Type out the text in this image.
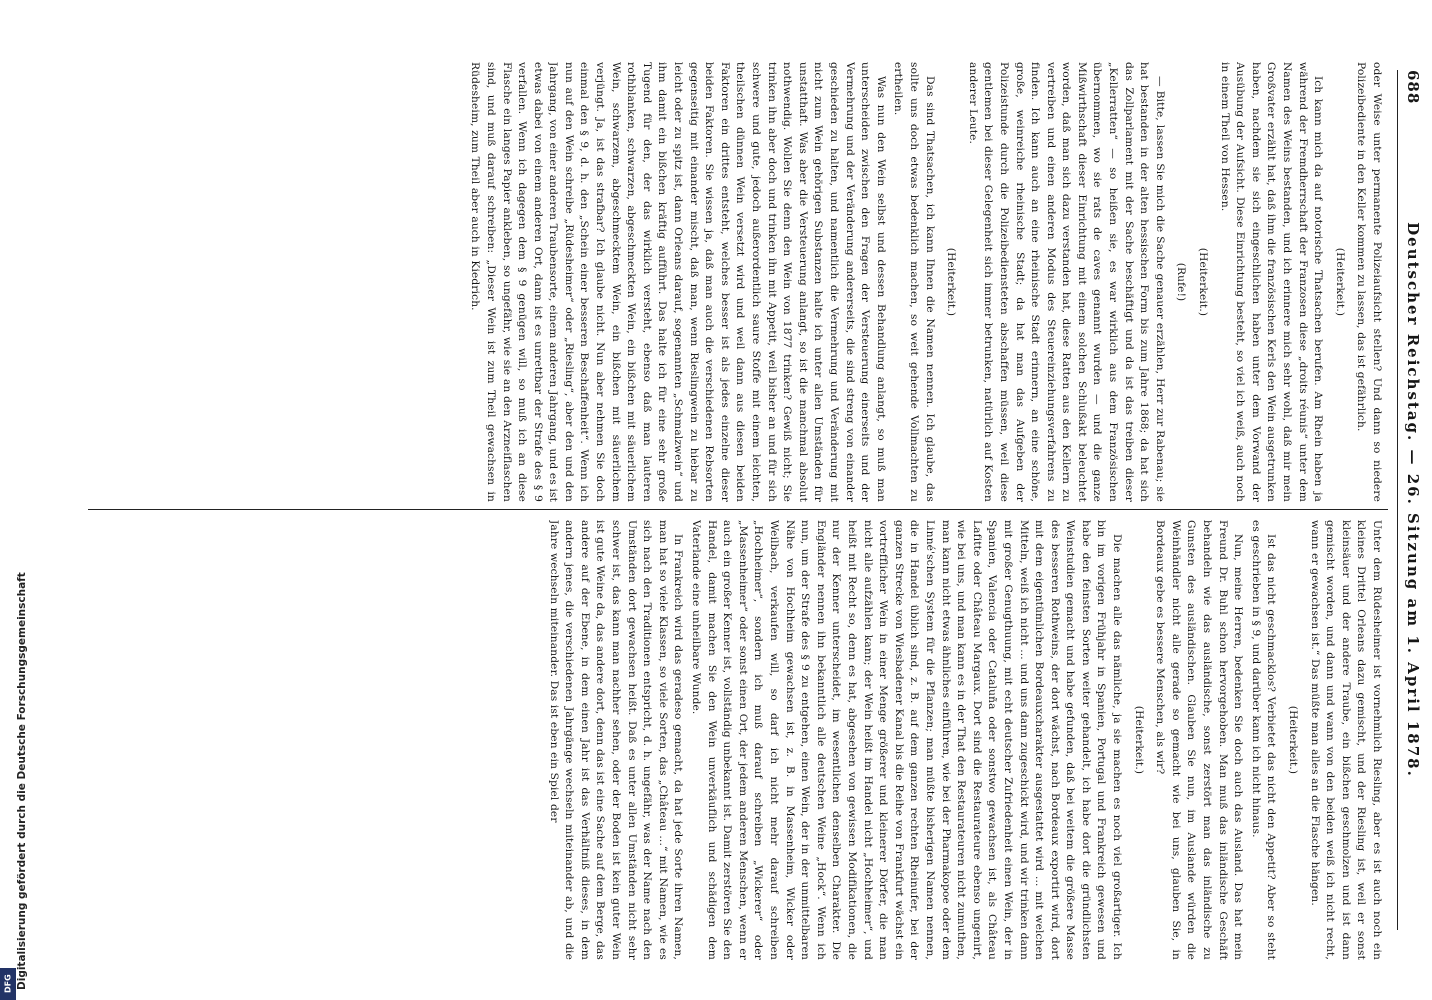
688
Deutscher Reichstag. — 26. Sitzung am 1. April 1878.

oder Weise unter permanente Polizeiaufsicht stellen? Und dann so niedere Polizeibediente in den Keller kommen zu lassen, das ist gefährlich.

(Heiterkeit.)

Ich kann mich da auf notorische Thatsachen berufen. Am Rhein haben ja während der Fremdherrschaft der Franzosen diese „droits réunis“ unter dem Namen des Weins bestanden, und ich erinnere mich sehr wohl, daß mir mein Großvater erzählt hat, daß ihm die französischen Kerls den Wein ausgetrunken haben, nachdem sie sich eingeschlichen haben unter dem Vorwand der Ausübung der Aufsicht. Diese Einrichtung besteht, so viel ich weiß, auch noch in einem Theil von Hessen.

(Heiterkeit.)

(Rufe!)

— Bitte, lassen Sie mich die Sache genauer erzählen, Herr zur Rabenau; sie hat bestanden in der alten hessischen Form bis zum Jahre 1868; da hat sich das Zollparlament mit der Sache beschäftigt und da ist das treiben dieser „Kellerratten“ — so heißen sie, es war wirklich aus dem Französischen übernommen, wo sie rats de caves genannt wurden — und die ganze Mißwirthschaft dieser Einrichtung mit einem solchen Schlußakt beleuchtet worden, daß man sich dazu verstanden hat, diese Ratten aus den Kellern zu vertreiben und einen anderen Modus des Steuereinziehungsverfahrens zu finden. Ich kann auch an eine rheinische Stadt erinnern, an eine schöne, große, weinreiche rheinische Stadt; da hat man das Aufgeben der Polizeistunde durch die Polizeibediensteten abschaffen müssen, weil diese gentlemen bei dieser Gelegenheit sich immer betrunken, natürlich auf Kosten anderer Leute.

(Heiterkeit.)

Das sind Thatsachen, ich kann Ihnen die Namen nennen. Ich glaube, das sollte uns doch etwas bedenklich machen, so weit gehende Vollmachten zu ertheilen.

Was nun den Wein selbst und dessen Behandlung anlangt, so muß man unterscheiden zwischen den Fragen der Versteuerung einerseits und der Vermehrung und der Veränderung andererseits, die sind streng von einander geschieden zu halten, und namentlich die Vermehrung und Veränderung mit nicht zum Wein gehörigen Substanzen halte ich unter allen Umständen für unstatthaft. Was aber die Versteuerung anlangt, so ist die manchmal absolut nothwendig. Wollen Sie denn den Wein von 1877 trinken? Gewiß nicht; Sie trinken ihn aber doch und trinken ihn mit Appetit, weil bisher an und für sich schwere und gute, jedoch außerordentlich saure Stoffe mit einem leichten, theilschen dünnen Wein versetzt wird und weil dann aus diesen beiden Faktoren ein drittes entsteht, welches besser ist als jedes einzelne dieser beiden Faktoren. Sie wissen ja, daß man auch die verschiedenen Rebsorten gegenseitig mit einander mischt, daß man, wenn Rieslingwein zu hiebar zu leicht oder zu spitz ist, dann Orleans darauf, sogenannten „Schmalzwein“ und ihm damit ein bißchen kräftig aufführt. Das halte ich für eine sehr große Tugend für den, der das wirklich versteht, ebenso daß man lauteren rothblanken, schwarzen, abgeschmeckten Wein, ein bißchen mit säuerlichem Wein, schwarzem, abgeschmecktem Wein, ein bißchen mit säuerlichem verjüngt. Ja, ist das strafbar? Ich glaube nicht. Nun aber nehmen Sie doch einmal den § 9, d. h. den „Schein einer besseren Beschaffenheit“. Wenn ich nun auf den Wein schreibe „Rüdesheimer“ oder „Riesling“, aber den und den Jahrgang, von einer anderen Traubensorte, einem anderen Jahrgang, und es ist etwas dabei von einem anderen Ort, dann ist es unrettbar der Strafe des § 9 verfallen. Wenn ich dagegen dem § 9 genügen will, so muß ich an diese Flasche ein langes Papier ankleben, so ungefähr, wie sie an den Arzneiflaschen sind, und muß darauf schreiben: „Dieser Wein ist zum Theil gewachsen in Rüdesheim, zum Theil aber auch in Kiedrich.

Unter dem Rüdesheimer ist vornehmlich Riesling, aber es ist auch noch ein kleines Drittel Orleans dazu gemischt, und der Riesling ist, weil er sonst kleinsäuer und der andere Traube, ein bißchen geschmolzen und ist dann gemischt worden, und dann und wann von den beiden weiß ich nicht recht, wann er gewachsen ist.“ Das müßte man alles an die Flasche hängen.

(Heiterkeit.)

Ist das nicht geschmacklos? Verbietet das nicht den Appetit? Aber so steht es geschrieben in § 9, und darüber kann ich nicht hinaus.

Nun, meine Herren, bedenken Sie doch auch das Ausland. Das hat mein Freund Dr. Buhl schon hervorgehoben. Man muß das inländische Geschäft behandeln wie das ausländische, sonst zerstört man das inländische zu Gunsten des ausländischen. Glauben Sie nun, im Auslande würden die Weinhändler nicht alle gerade so gemacht wie bei uns, glauben Sie, in Bordeaux gebe es bessere Menschen, als wir?

(Heiterkeit.)

Die machen alle das nämliche, ja sie machen es noch viel großartiger. Ich bin im vorigen Frühjahr in Spanien, Portugal und Frankreich gewesen und habe den feinsten Sorten weiter gehandelt, ich habe dort die gründlichsten Weinstudien gemacht und habe gefunden, daß bei weitem die größere Masse des besseren Rothweins, der dort wächst, nach Bordeaux exportirt wird, dort mit dem eigentümlichen Bordeauxcharakter ausgestattet wird ... mit welchen Mitteln, weiß ich nicht ... und uns dann zugeschickt wird, und wir trinken dann mit großer Genugthuung, mit echt deutscher Zufriedenheit einen Wein, der in Spanien, Valencia oder Cataluña oder sonstwo gewachsen ist, als Château Lafitte oder Château Margaux. Dort sind die Restaurateure ebenso ungenirt, wie bei uns, und man kann es in der That den Restaurateuren nicht zumuthen, man kann nicht etwas ähnliches einführen, wie bei der Pharmakopoe oder dem Linné'schen System für die Pflanzen; man müßte bisherigen Namen nennen, die in Handel üblich sind, z. B. auf dem ganzen rechten Rheinufer, bei der ganzen Strecke von Wiesbadener Kanal bis die Reihe von Frankfurt wächst ein vortrefflicher Wein in einer Menge größerer und kleinerer Dörfer, die man nicht alle aufzählen kann; der Wein heißt im Handel nicht „Hochheimer“, und heißt mit Recht so, denn es hat, abgesehen von gewissen Modifikationen, die nur der Kenner unterscheidet, im wesentlichen denselben Charakter. Die Engländer nennen ihn bekanntlich alle deutschen Weine „Hock“. Wenn ich nun, um der Strafe des § 9 zu entgehen, einen Wein, der in der unmittelbaren Nähe von Hochheim gewachsen ist, z. B. in Massenheim, Wicker oder Weilbach, verkaufen will, so darf ich nicht mehr darauf schreiben „Hochheimer“, sondern ich muß darauf schreiben „Wickerer“ oder „Massenheimer“ oder sonst einen Ort, der jedem anderen Menschen, wenn er auch ein großer Kenner ist, vollständig unbekannt ist. Damit zerstören Sie den Handel, damit machen Sie den Wein unverkäuflich und schädigen dem Vaterlande eine unheilbare Wunde.

In Frankreich wird das geradeso gemacht, da hat jede Sorte ihren Namen, man hat so viele Klassen, so viele Sorten, das „Château ...“ mit Namen, wie es sich nach den Traditionen entspricht, d. h. ungefähr, was der Name nach den Umständen dort gewachsen heißt. Daß es unter allen Umständen nicht sehr schwer ist, das kann man nachher sehen, oder der Boden ist kein guter Wein ist gute Weine da, das andere dort, denn das ist eine Sache auf dem Berge, das andere auf der Ebene, in dem einen Jahr ist das Verhältniß dieses, in dem andern jenes, die verschiedenen Jahrgänge wechseln miteinander ab, und die Jahre wechseln miteinander. Das ist eben ein Spiel der

Digitalisierung gefördert durch die Deutsche Forschungsgemeinschaft
DFG
